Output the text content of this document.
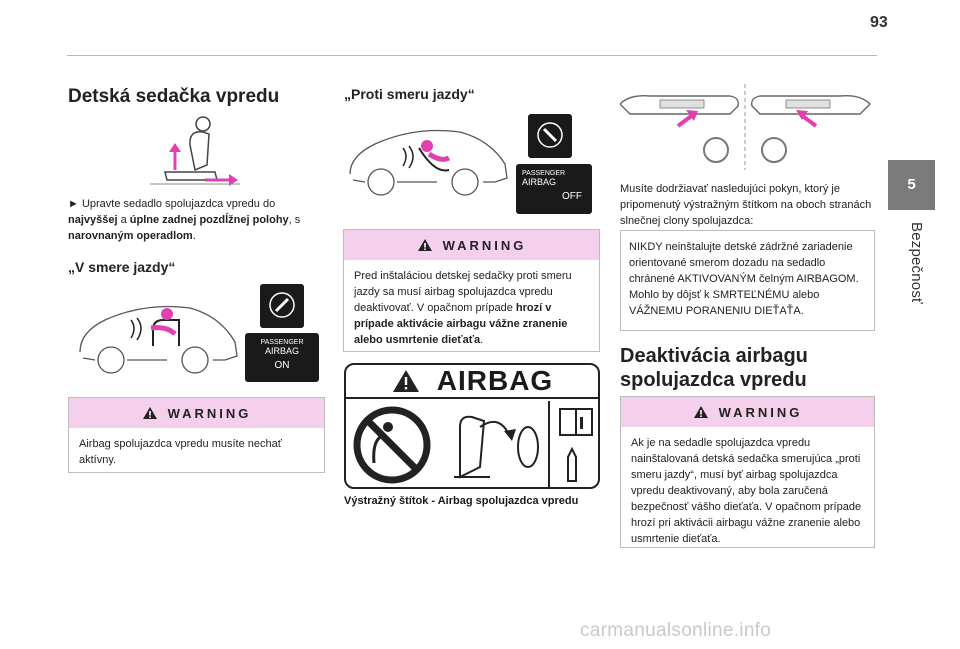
93
5
Bezpečnosť
Detská sedačka vpredu

► Upravte sedadlo spolujazdca vpredu do najvyššej a úplne zadnej pozdĺžnej polohy, s narovnaným operadlom.

„V smere jazdy“
PASSENGER
AIRBAG
ON
WARNING
Airbag spolujazdca vpredu musíte nechať aktívny.
„Proti smeru jazdy“
PASSENGER
AIRBAG
OFF
WARNING
Pred inštaláciou detskej sedačky proti smeru jazdy sa musí airbag spolujazdca vpredu deaktivovať. V opačnom prípade hrozí v prípade aktivácie airbagu vážne zranenie alebo usmrtenie dieťaťa.
AIRBAG
Výstražný štítok - Airbag spolujazdca vpredu

Musíte dodržiavať nasledujúci pokyn, ktorý je pripomenutý výstražným štítkom na oboch stranách slnečnej clony spolujazdca:

NIKDY neinštalujte detské zádržné zariadenie orientované smerom dozadu na sedadlo chránené AKTIVOVANÝM čelným AIRBAGOM. Mohlo by dôjsť k SMRTEĽNÉMU alebo VÁŽNEMU PORANENIU DIEŤAŤA.
Deaktivácia airbagu spolujazdca vpredu
WARNING
Ak je na sedadle spolujazdca vpredu nainštalovaná detská sedačka smerujúca „proti smeru jazdy“, musí byť airbag spolujazdca vpredu deaktivovaný, aby bola zaručená bezpečnosť vášho dieťaťa. V opačnom prípade hrozí pri aktivácii airbagu vážne zranenie alebo usmrtenie dieťaťa.
carmanualsonline.info
